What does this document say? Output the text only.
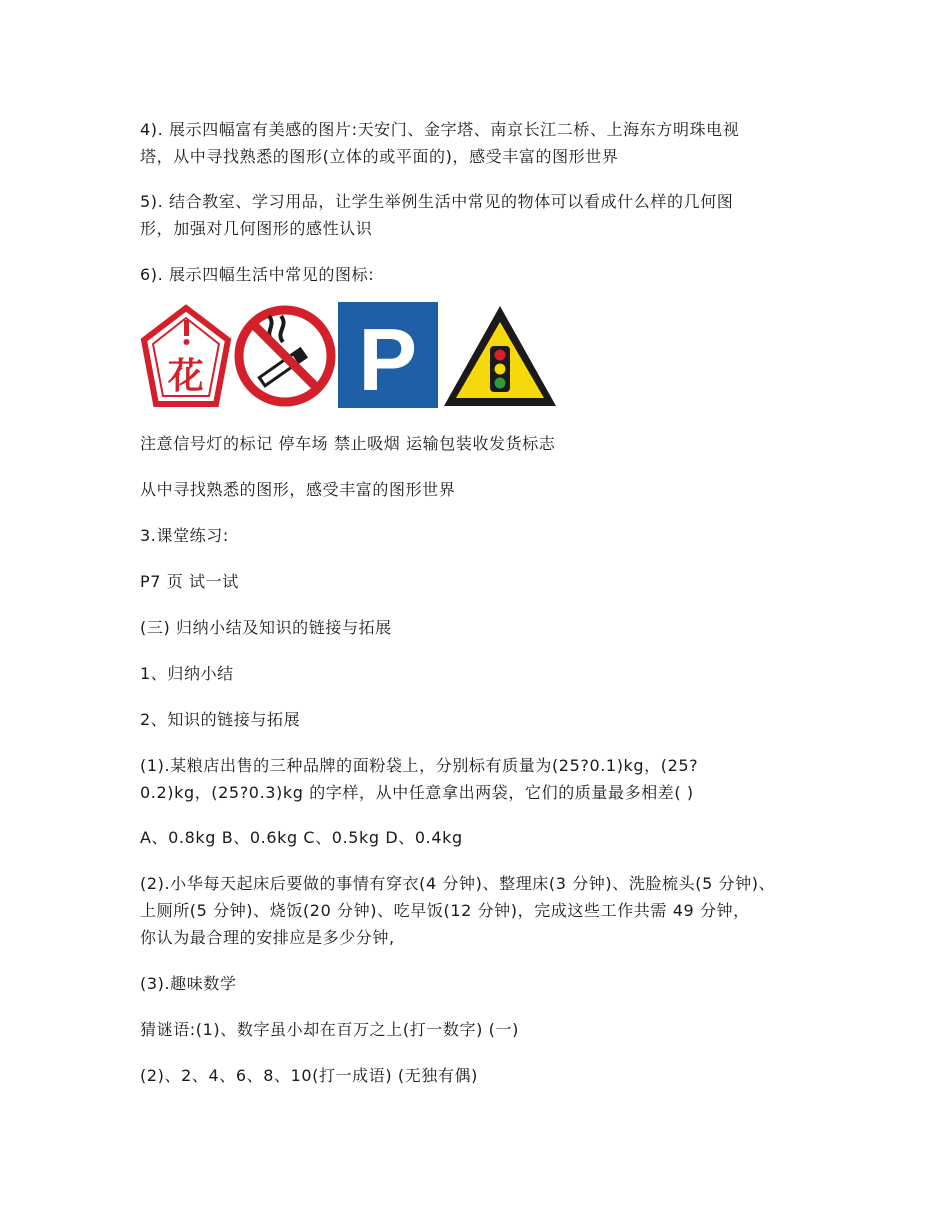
4). 展示四幅富有美感的图片:天安门、金字塔、南京长江二桥、上海东方明珠电视
塔，从中寻找熟悉的图形(立体的或平面的)，感受丰富的图形世界
5). 结合教室、学习用品，让学生举例生活中常见的物体可以看成什么样的几何图
形，加强对几何图形的感性认识
6). 展示四幅生活中常见的图标:
花 P
注意信号灯的标记 停车场 禁止吸烟 运输包装收发货标志
从中寻找熟悉的图形，感受丰富的图形世界
3.课堂练习:
P7 页 试一试
(三) 归纳小结及知识的链接与拓展
1、归纳小结
2、知识的链接与拓展
(1).某粮店出售的三种品牌的面粉袋上，分别标有质量为(25?0.1)kg，(25?
0.2)kg，(25?0.3)kg 的字样，从中任意拿出两袋，它们的质量最多相差( )
A、0.8kg B、0.6kg C、0.5kg D、0.4kg
(2).小华每天起床后要做的事情有穿衣(4 分钟)、整理床(3 分钟)、洗脸梳头(5 分钟)、
上厕所(5 分钟)、烧饭(20 分钟)、吃早饭(12 分钟)，完成这些工作共需 49 分钟，
你认为最合理的安排应是多少分钟,
(3).趣味数学
猜谜语:(1)、数字虽小却在百万之上(打一数字) (一)
(2)、2、4、6、8、10(打一成语) (无独有偶)
